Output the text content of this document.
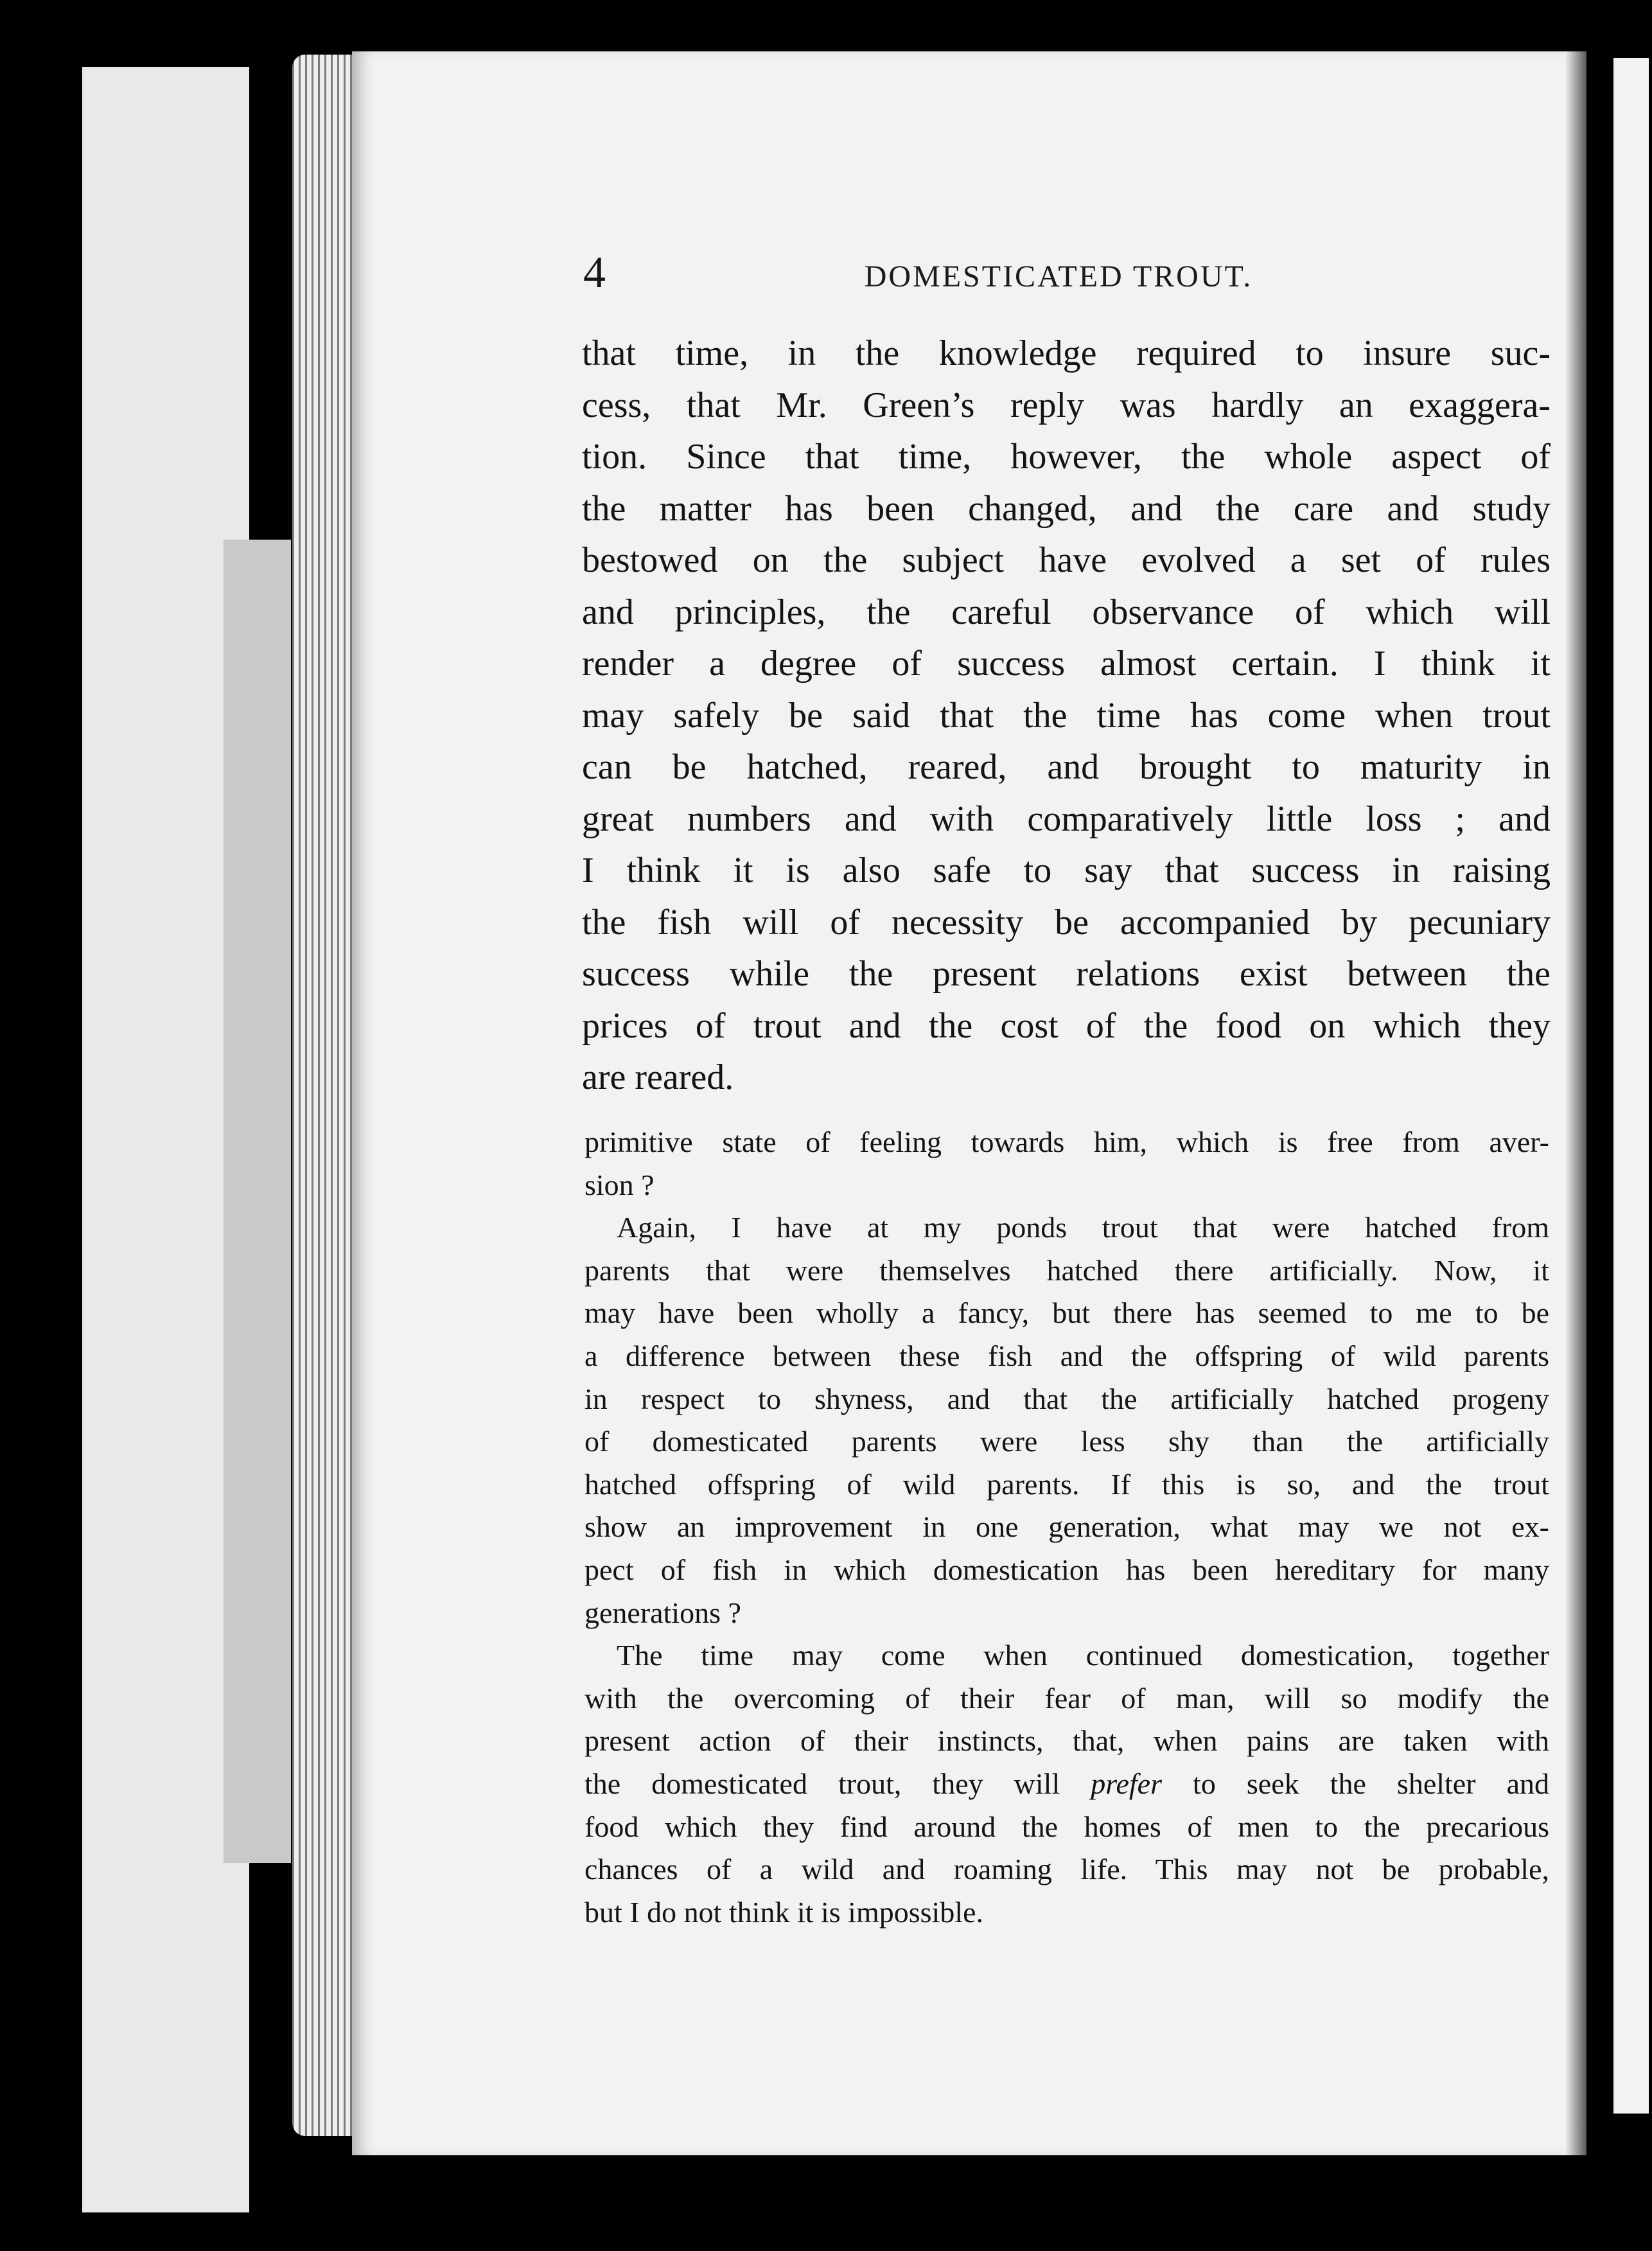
4	DOMESTICATED TROUT.

that time, in the knowledge required to insure suc-
cess, that Mr. Green’s reply was hardly an exaggera-
tion. Since that time, however, the whole aspect of
the matter has been changed, and the care and study
bestowed on the subject have evolved a set of rules
and principles, the careful observance of which will
render a degree of success almost certain. I think it
may safely be said that the time has come when trout
can be hatched, reared, and brought to maturity in
great numbers and with comparatively little loss ; and
I think it is also safe to say that success in raising
the fish will of necessity be accompanied by pecuniary
success while the present relations exist between the
prices of trout and the cost of the food on which they
are reared.

primitive state of feeling towards him, which is free from aver-
sion ?

Again, I have at my ponds trout that were hatched from
parents that were themselves hatched there artificially. Now, it
may have been wholly a fancy, but there has seemed to me to be
a difference between these fish and the offspring of wild parents
in respect to shyness, and that the artificially hatched progeny
of domesticated parents were less shy than the artificially
hatched offspring of wild parents. If this is so, and the trout
show an improvement in one generation, what may we not ex-
pect of fish in which domestication has been hereditary for many
generations ?

The time may come when continued domestication, together
with the overcoming of their fear of man, will so modify the
present action of their instincts, that, when pains are taken with
the domesticated trout, they will prefer to seek the shelter and
food which they find around the homes of men to the precarious
chances of a wild and roaming life. This may not be probable,
but I do not think it is impossible.
